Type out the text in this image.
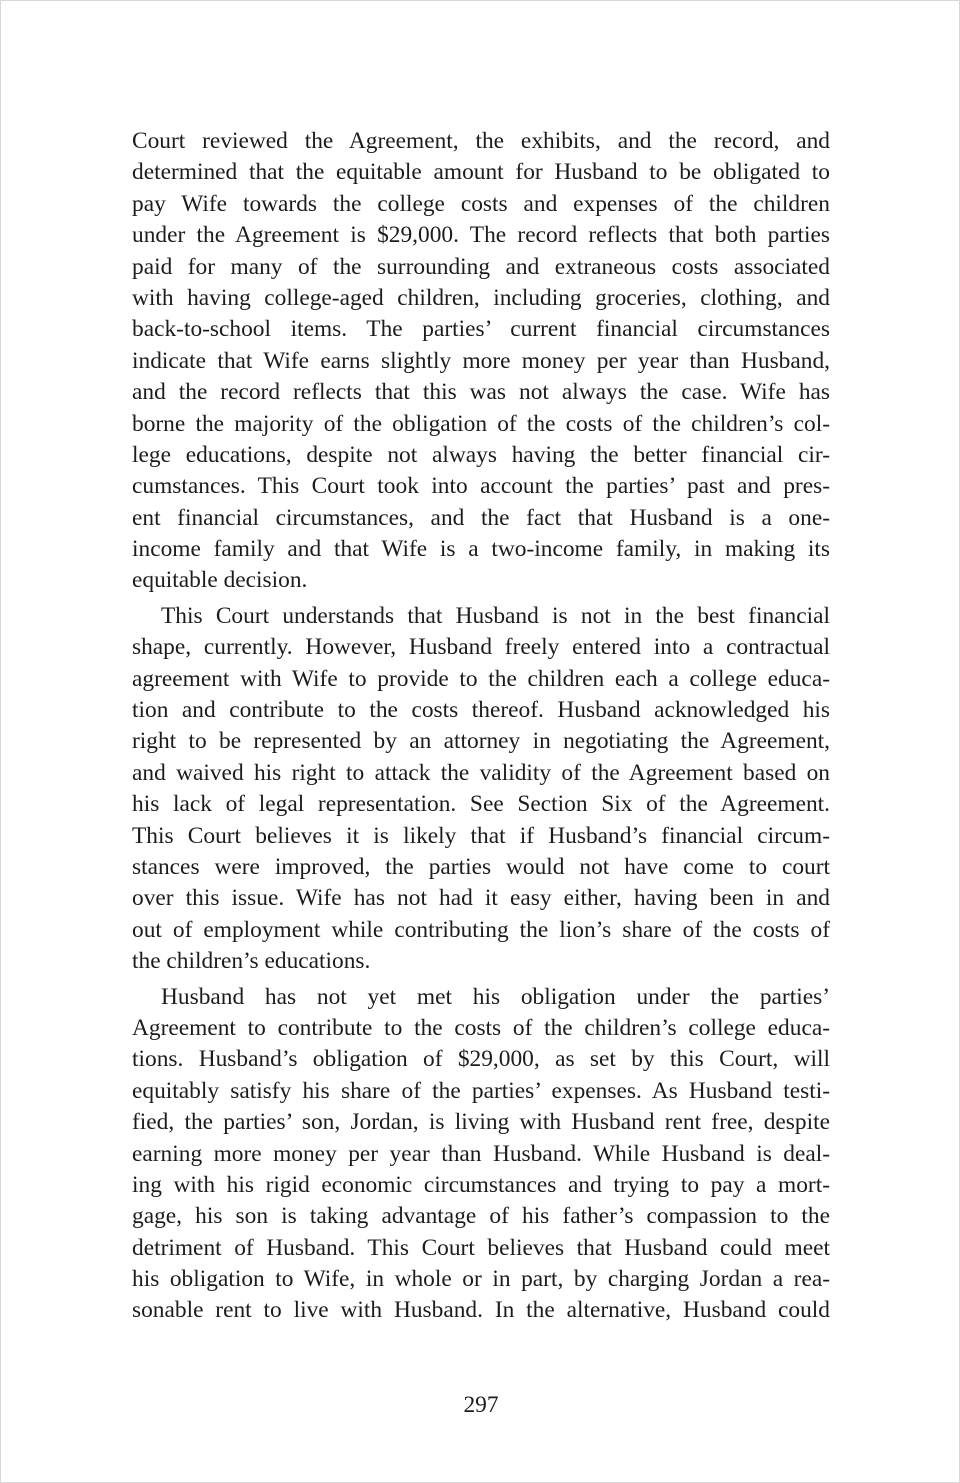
Court reviewed the Agreement, the exhibits, and the record, and
determined that the equitable amount for Husband to be obligated to
pay Wife towards the college costs and expenses of the children
under the Agreement is $29,000. The record reflects that both parties
paid for many of the surrounding and extraneous costs associated
with having college-aged children, including groceries, clothing, and
back-to-school items. The parties’ current financial circumstances
indicate that Wife earns slightly more money per year than Husband,
and the record reflects that this was not always the case. Wife has
borne the majority of the obligation of the costs of the children’s col-
lege educations, despite not always having the better financial cir-
cumstances. This Court took into account the parties’ past and pres-
ent financial circumstances, and the fact that Husband is a one-
income family and that Wife is a two-income family, in making its
equitable decision.
This Court understands that Husband is not in the best financial
shape, currently. However, Husband freely entered into a contractual
agreement with Wife to provide to the children each a college educa-
tion and contribute to the costs thereof. Husband acknowledged his
right to be represented by an attorney in negotiating the Agreement,
and waived his right to attack the validity of the Agreement based on
his lack of legal representation. See Section Six of the Agreement.
This Court believes it is likely that if Husband’s financial circum-
stances were improved, the parties would not have come to court
over this issue. Wife has not had it easy either, having been in and
out of employment while contributing the lion’s share of the costs of
the children’s educations.
Husband has not yet met his obligation under the parties’
Agreement to contribute to the costs of the children’s college educa-
tions. Husband’s obligation of $29,000, as set by this Court, will
equitably satisfy his share of the parties’ expenses. As Husband testi-
fied, the parties’ son, Jordan, is living with Husband rent free, despite
earning more money per year than Husband. While Husband is deal-
ing with his rigid economic circumstances and trying to pay a mort-
gage, his son is taking advantage of his father’s compassion to the
detriment of Husband. This Court believes that Husband could meet
his obligation to Wife, in whole or in part, by charging Jordan a rea-
sonable rent to live with Husband. In the alternative, Husband could
297
